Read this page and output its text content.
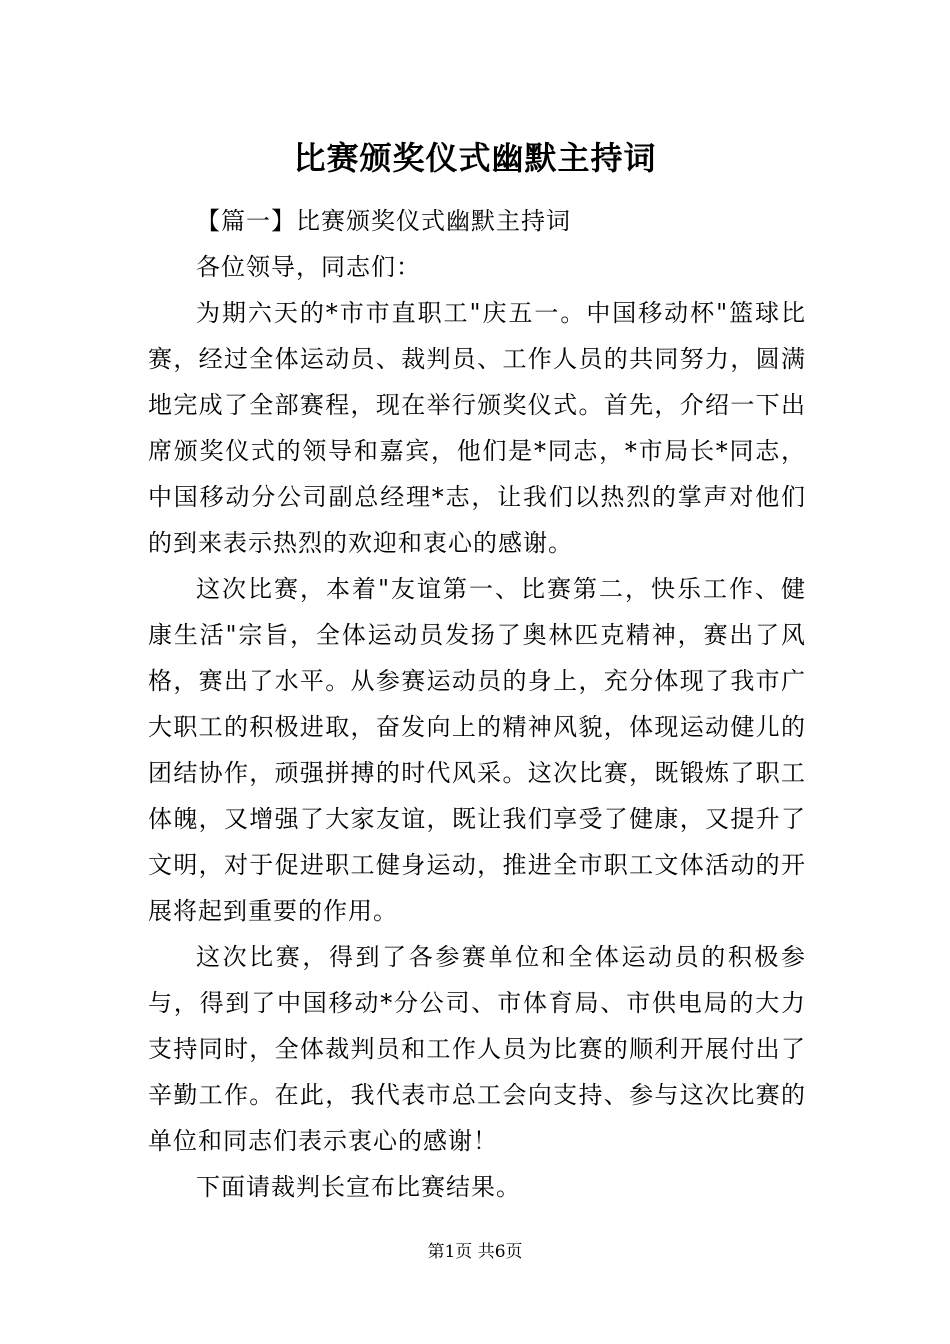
比赛颁奖仪式幽默主持词

【篇一】比赛颁奖仪式幽默主持词

各位领导，同志们：

为期六天的*市市直职工"庆五一。中国移动杯"篮球比赛，经过全体运动员、裁判员、工作人员的共同努力，圆满地完成了全部赛程，现在举行颁奖仪式。首先，介绍一下出席颁奖仪式的领导和嘉宾，他们是*同志，*市局长*同志，中国移动分公司副总经理*志，让我们以热烈的掌声对他们的到来表示热烈的欢迎和衷心的感谢。

这次比赛，本着"友谊第一、比赛第二，快乐工作、健康生活"宗旨，全体运动员发扬了奥林匹克精神，赛出了风格，赛出了水平。从参赛运动员的身上，充分体现了我市广大职工的积极进取，奋发向上的精神风貌，体现运动健儿的团结协作，顽强拼搏的时代风采。这次比赛，既锻炼了职工体魄，又增强了大家友谊，既让我们享受了健康，又提升了文明，对于促进职工健身运动，推进全市职工文体活动的开展将起到重要的作用。

这次比赛，得到了各参赛单位和全体运动员的积极参与，得到了中国移动*分公司、市体育局、市供电局的大力支持同时，全体裁判员和工作人员为比赛的顺利开展付出了辛勤工作。在此，我代表市总工会向支持、参与这次比赛的单位和同志们表示衷心的感谢！

下面请裁判长宣布比赛结果。

第1页 共6页
